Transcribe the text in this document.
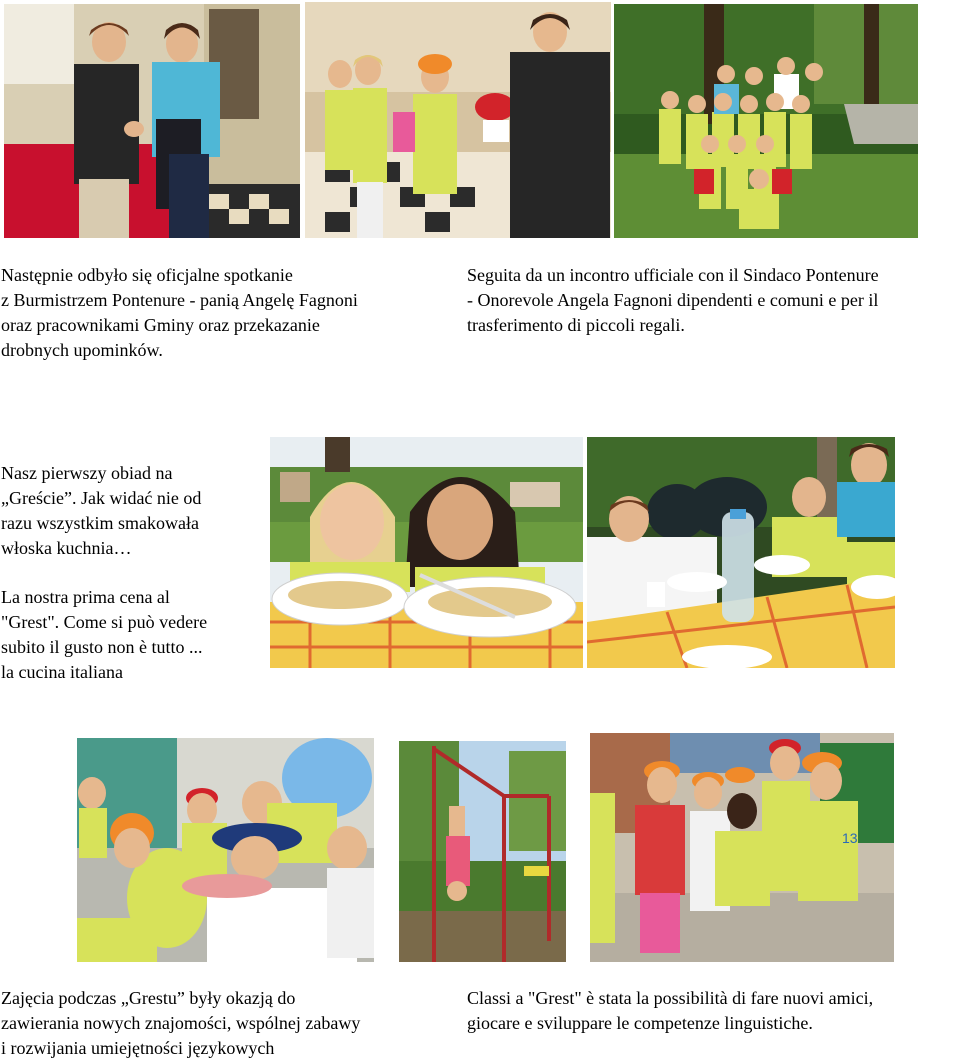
Następnie odbyło się oficjalne spotkanie
z Burmistrzem Pontenure - panią Angelę Fagnoni
oraz pracownikami Gminy oraz przekazanie
drobnych upominków.
Seguita da un incontro ufficiale con il Sindaco Pontenure
- Onorevole Angela Fagnoni dipendenti e comuni e per il
trasferimento di piccoli regali.
Nasz pierwszy obiad na
„Greście”. Jak widać nie od
razu wszystkim smakowała
włoska kuchnia…
La nostra prima cena al
"Grest". Come si può vedere
subito il gusto non è tutto ...
la cucina italiana
13
Zajęcia podczas „Grestu” były okazją do
zawierania nowych znajomości, wspólnej zabawy
i rozwijania umiejętności językowych
Classi a "Grest" è stata la possibilità di fare nuovi amici,
giocare e sviluppare le competenze linguistiche.
